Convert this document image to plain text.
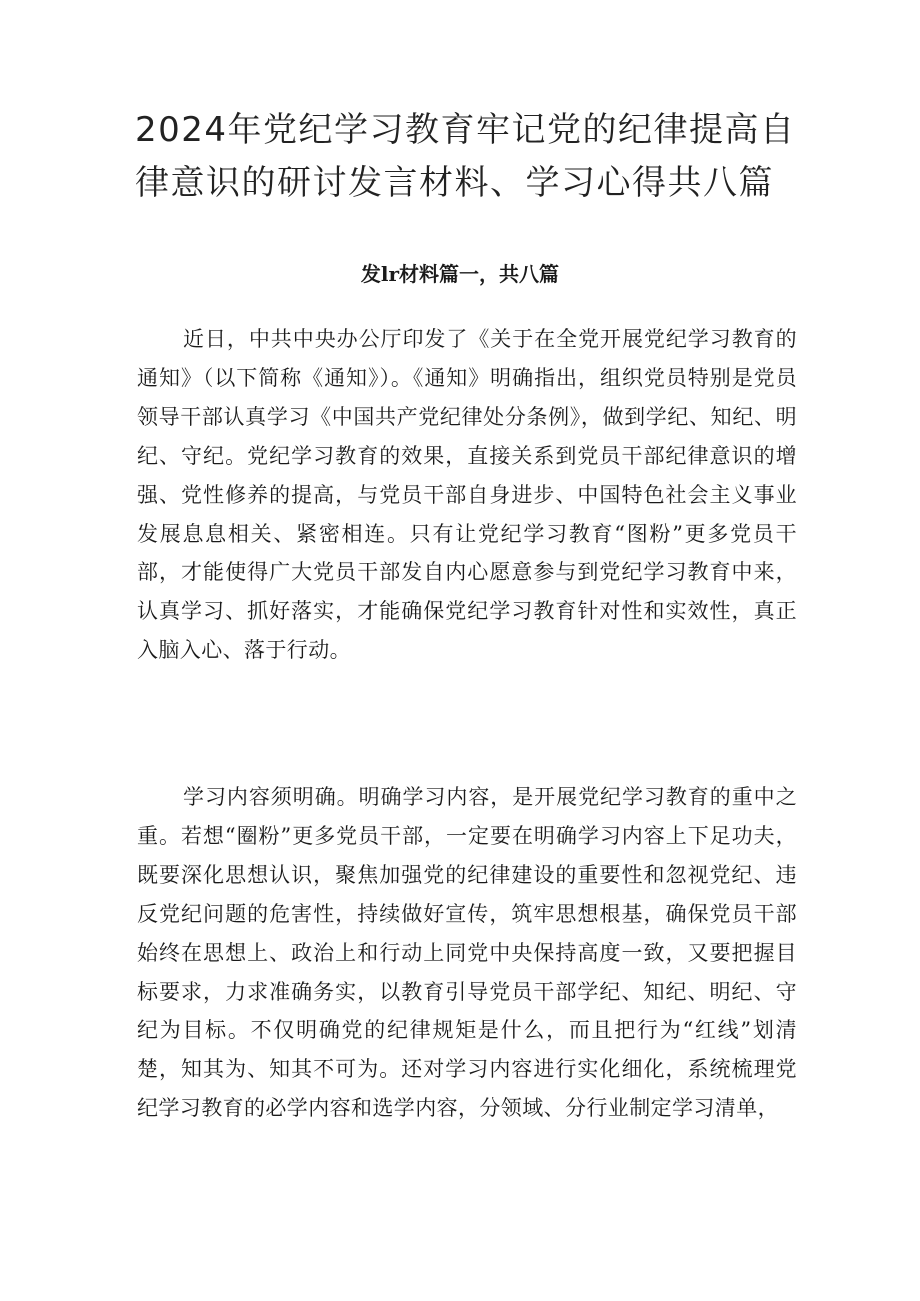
2024年党纪学习教育牢记党的纪律提高自律意识的研讨发言材料、学习心得共八篇
发lr材料篇一，共八篇

近日，中共中央办公厅印发了《关于在全党开展党纪学习教育的通知》（以下简称《通知》）。《通知》明确指出，组织党员特别是党员领导干部认真学习《中国共产党纪律处分条例》，做到学纪、知纪、明纪、守纪。党纪学习教育的效果，直接关系到党员干部纪律意识的增强、党性修养的提高，与党员干部自身进步、中国特色社会主义事业发展息息相关、紧密相连。只有让党纪学习教育“图粉”更多党员干部，才能使得广大党员干部发自内心愿意参与到党纪学习教育中来，认真学习、抓好落实，才能确保党纪学习教育针对性和实效性，真正入脑入心、落于行动。

学习内容须明确。明确学习内容，是开展党纪学习教育的重中之重。若想“圈粉”更多党员干部，一定要在明确学习内容上下足功夫，既要深化思想认识，聚焦加强党的纪律建设的重要性和忽视党纪、违反党纪问题的危害性，持续做好宣传，筑牢思想根基，确保党员干部始终在思想上、政治上和行动上同党中央保持高度一致，又要把握目标要求，力求准确务实，以教育引导党员干部学纪、知纪、明纪、守纪为目标。不仅明确党的纪律规矩是什么，而且把行为“红线”划清楚，知其为、知其不可为。还对学习内容进行实化细化，系统梳理党纪学习教育的必学内容和选学内容，分领域、分行业制定学习清单，
